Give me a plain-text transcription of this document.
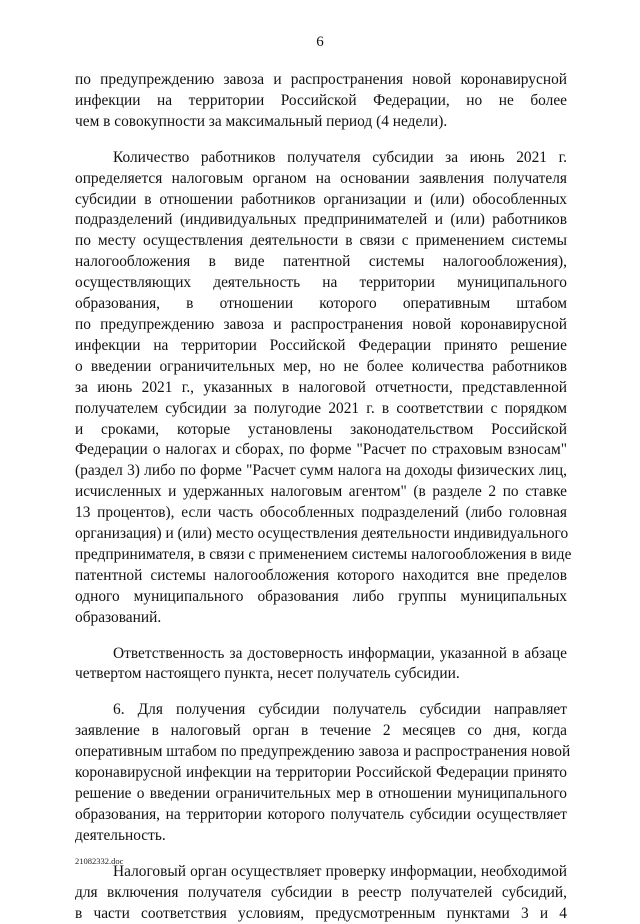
6
по предупреждению завоза и распространения новой коронавирусной
инфекции на территории Российской Федерации, но не более
чем в совокупности за максимальный период (4 недели).
Количество работников получателя субсидии за июнь 2021 г.
определяется налоговым органом на основании заявления получателя
субсидии в отношении работников организации и (или) обособленных
подразделений (индивидуальных предпринимателей и (или) работников
по месту осуществления деятельности в связи с применением системы
налогообложения в виде патентной системы налогообложения),
осуществляющих деятельность на территории муниципального
образования, в отношении которого оперативным штабом
по предупреждению завоза и распространения новой коронавирусной
инфекции на территории Российской Федерации принято решение
о введении ограничительных мер, но не более количества работников
за июнь 2021 г., указанных в налоговой отчетности, представленной
получателем субсидии за полугодие 2021 г. в соответствии с порядком
и сроками, которые установлены законодательством Российской
Федерации о налогах и сборах, по форме "Расчет по страховым взносам"
(раздел 3) либо по форме "Расчет сумм налога на доходы физических лиц,
исчисленных и удержанных налоговым агентом" (в разделе 2 по ставке
13 процентов), если часть обособленных подразделений (либо головная
организация) и (или) место осуществления деятельности индивидуального
предпринимателя, в связи с применением системы налогообложения в виде
патентной системы налогообложения которого находится вне пределов
одного муниципального образования либо группы муниципальных
образований.
Ответственность за достоверность информации, указанной в абзаце
четвертом настоящего пункта, несет получатель субсидии.
6. Для получения субсидии получатель субсидии направляет
заявление в налоговый орган в течение 2 месяцев со дня, когда
оперативным штабом по предупреждению завоза и распространения новой
коронавирусной инфекции на территории Российской Федерации принято
решение о введении ограничительных мер в отношении муниципального
образования, на территории которого получатель субсидии осуществляет
деятельность.
Налоговый орган осуществляет проверку информации, необходимой
для включения получателя субсидии в реестр получателей субсидий,
в части соответствия условиям, предусмотренным пунктами 3 и 4
21082332.doc
